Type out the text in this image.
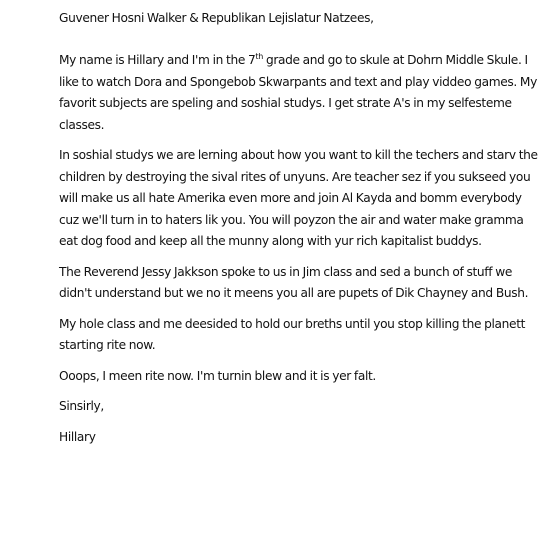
Guvener Hosni Walker & Republikan Lejislatur Natzees,

My name is Hillary and I'm in the 7th grade and go to skule at Dohrn Middle Skule. I like to watch Dora and Spongebob Skwarpants and text and play viddeo games. My favorit subjects are speling and soshial studys. I get strate A's in my selfesteme classes.

In soshial studys we are lerning about how you want to kill the techers and starv the children by destroying the sival rites of unyuns. Are teacher sez if you sukseed you will make us all hate Amerika even more and join Al Kayda and bomm everybody cuz we'll turn in to haters lik you. You will poyzon the air and water make gramma eat dog food and keep all the munny along with yur rich kapitalist buddys.

The Reverend Jessy Jakkson spoke to us in Jim class and sed a bunch of stuff we didn't understand but we no it meens you all are pupets of Dik Chayney and Bush.

My hole class and me deesided to hold our breths until you stop killing the planett starting rite now.

Ooops, I meen rite now. I'm turnin blew and it is yer falt.

Sinsirly,

Hillary
